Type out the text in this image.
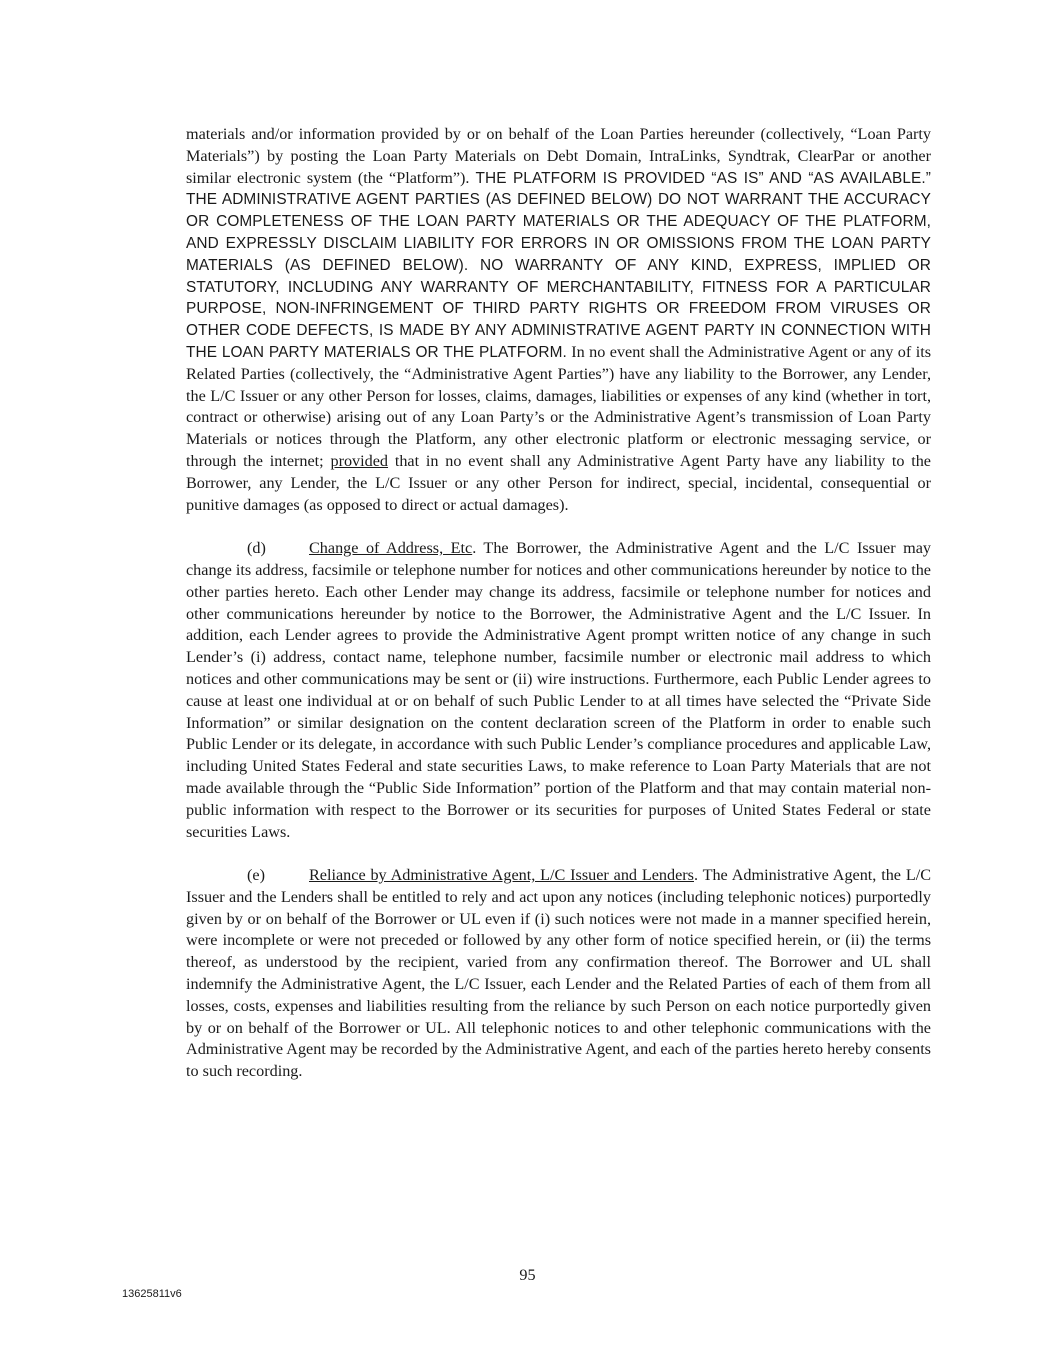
materials and/or information provided by or on behalf of the Loan Parties hereunder (collectively, “Loan Party Materials”) by posting the Loan Party Materials on Debt Domain, IntraLinks, Syndtrak, ClearPar or another similar electronic system (the “Platform”). THE PLATFORM IS PROVIDED “AS IS” AND “AS AVAILABLE.” THE ADMINISTRATIVE AGENT PARTIES (AS DEFINED BELOW) DO NOT WARRANT THE ACCURACY OR COMPLETENESS OF THE LOAN PARTY MATERIALS OR THE ADEQUACY OF THE PLATFORM, AND EXPRESSLY DISCLAIM LIABILITY FOR ERRORS IN OR OMISSIONS FROM THE LOAN PARTY MATERIALS (AS DEFINED BELOW). NO WARRANTY OF ANY KIND, EXPRESS, IMPLIED OR STATUTORY, INCLUDING ANY WARRANTY OF MERCHANTABILITY, FITNESS FOR A PARTICULAR PURPOSE, NON-INFRINGEMENT OF THIRD PARTY RIGHTS OR FREEDOM FROM VIRUSES OR OTHER CODE DEFECTS, IS MADE BY ANY ADMINISTRATIVE AGENT PARTY IN CONNECTION WITH THE LOAN PARTY MATERIALS OR THE PLATFORM. In no event shall the Administrative Agent or any of its Related Parties (collectively, the “Administrative Agent Parties”) have any liability to the Borrower, any Lender, the L/C Issuer or any other Person for losses, claims, damages, liabilities or expenses of any kind (whether in tort, contract or otherwise) arising out of any Loan Party’s or the Administrative Agent’s transmission of Loan Party Materials or notices through the Platform, any other electronic platform or electronic messaging service, or through the internet; provided that in no event shall any Administrative Agent Party have any liability to the Borrower, any Lender, the L/C Issuer or any other Person for indirect, special, incidental, consequential or punitive damages (as opposed to direct or actual damages).

(d)	Change of Address, Etc. The Borrower, the Administrative Agent and the L/C Issuer may change its address, facsimile or telephone number for notices and other communications hereunder by notice to the other parties hereto. Each other Lender may change its address, facsimile or telephone number for notices and other communications hereunder by notice to the Borrower, the Administrative Agent and the L/C Issuer. In addition, each Lender agrees to provide the Administrative Agent prompt written notice of any change in such Lender’s (i) address, contact name, telephone number, facsimile number or electronic mail address to which notices and other communications may be sent or (ii) wire instructions. Furthermore, each Public Lender agrees to cause at least one individual at or on behalf of such Public Lender to at all times have selected the “Private Side Information” or similar designation on the content declaration screen of the Platform in order to enable such Public Lender or its delegate, in accordance with such Public Lender’s compliance procedures and applicable Law, including United States Federal and state securities Laws, to make reference to Loan Party Materials that are not made available through the “Public Side Information” portion of the Platform and that may contain material non-public information with respect to the Borrower or its securities for purposes of United States Federal or state securities Laws.

(e)	Reliance by Administrative Agent, L/C Issuer and Lenders. The Administrative Agent, the L/C Issuer and the Lenders shall be entitled to rely and act upon any notices (including telephonic notices) purportedly given by or on behalf of the Borrower or UL even if (i) such notices were not made in a manner specified herein, were incomplete or were not preceded or followed by any other form of notice specified herein, or (ii) the terms thereof, as understood by the recipient, varied from any confirmation thereof. The Borrower and UL shall indemnify the Administrative Agent, the L/C Issuer, each Lender and the Related Parties of each of them from all losses, costs, expenses and liabilities resulting from the reliance by such Person on each notice purportedly given by or on behalf of the Borrower or UL. All telephonic notices to and other telephonic communications with the Administrative Agent may be recorded by the Administrative Agent, and each of the parties hereto hereby consents to such recording.

95
13625811v6
